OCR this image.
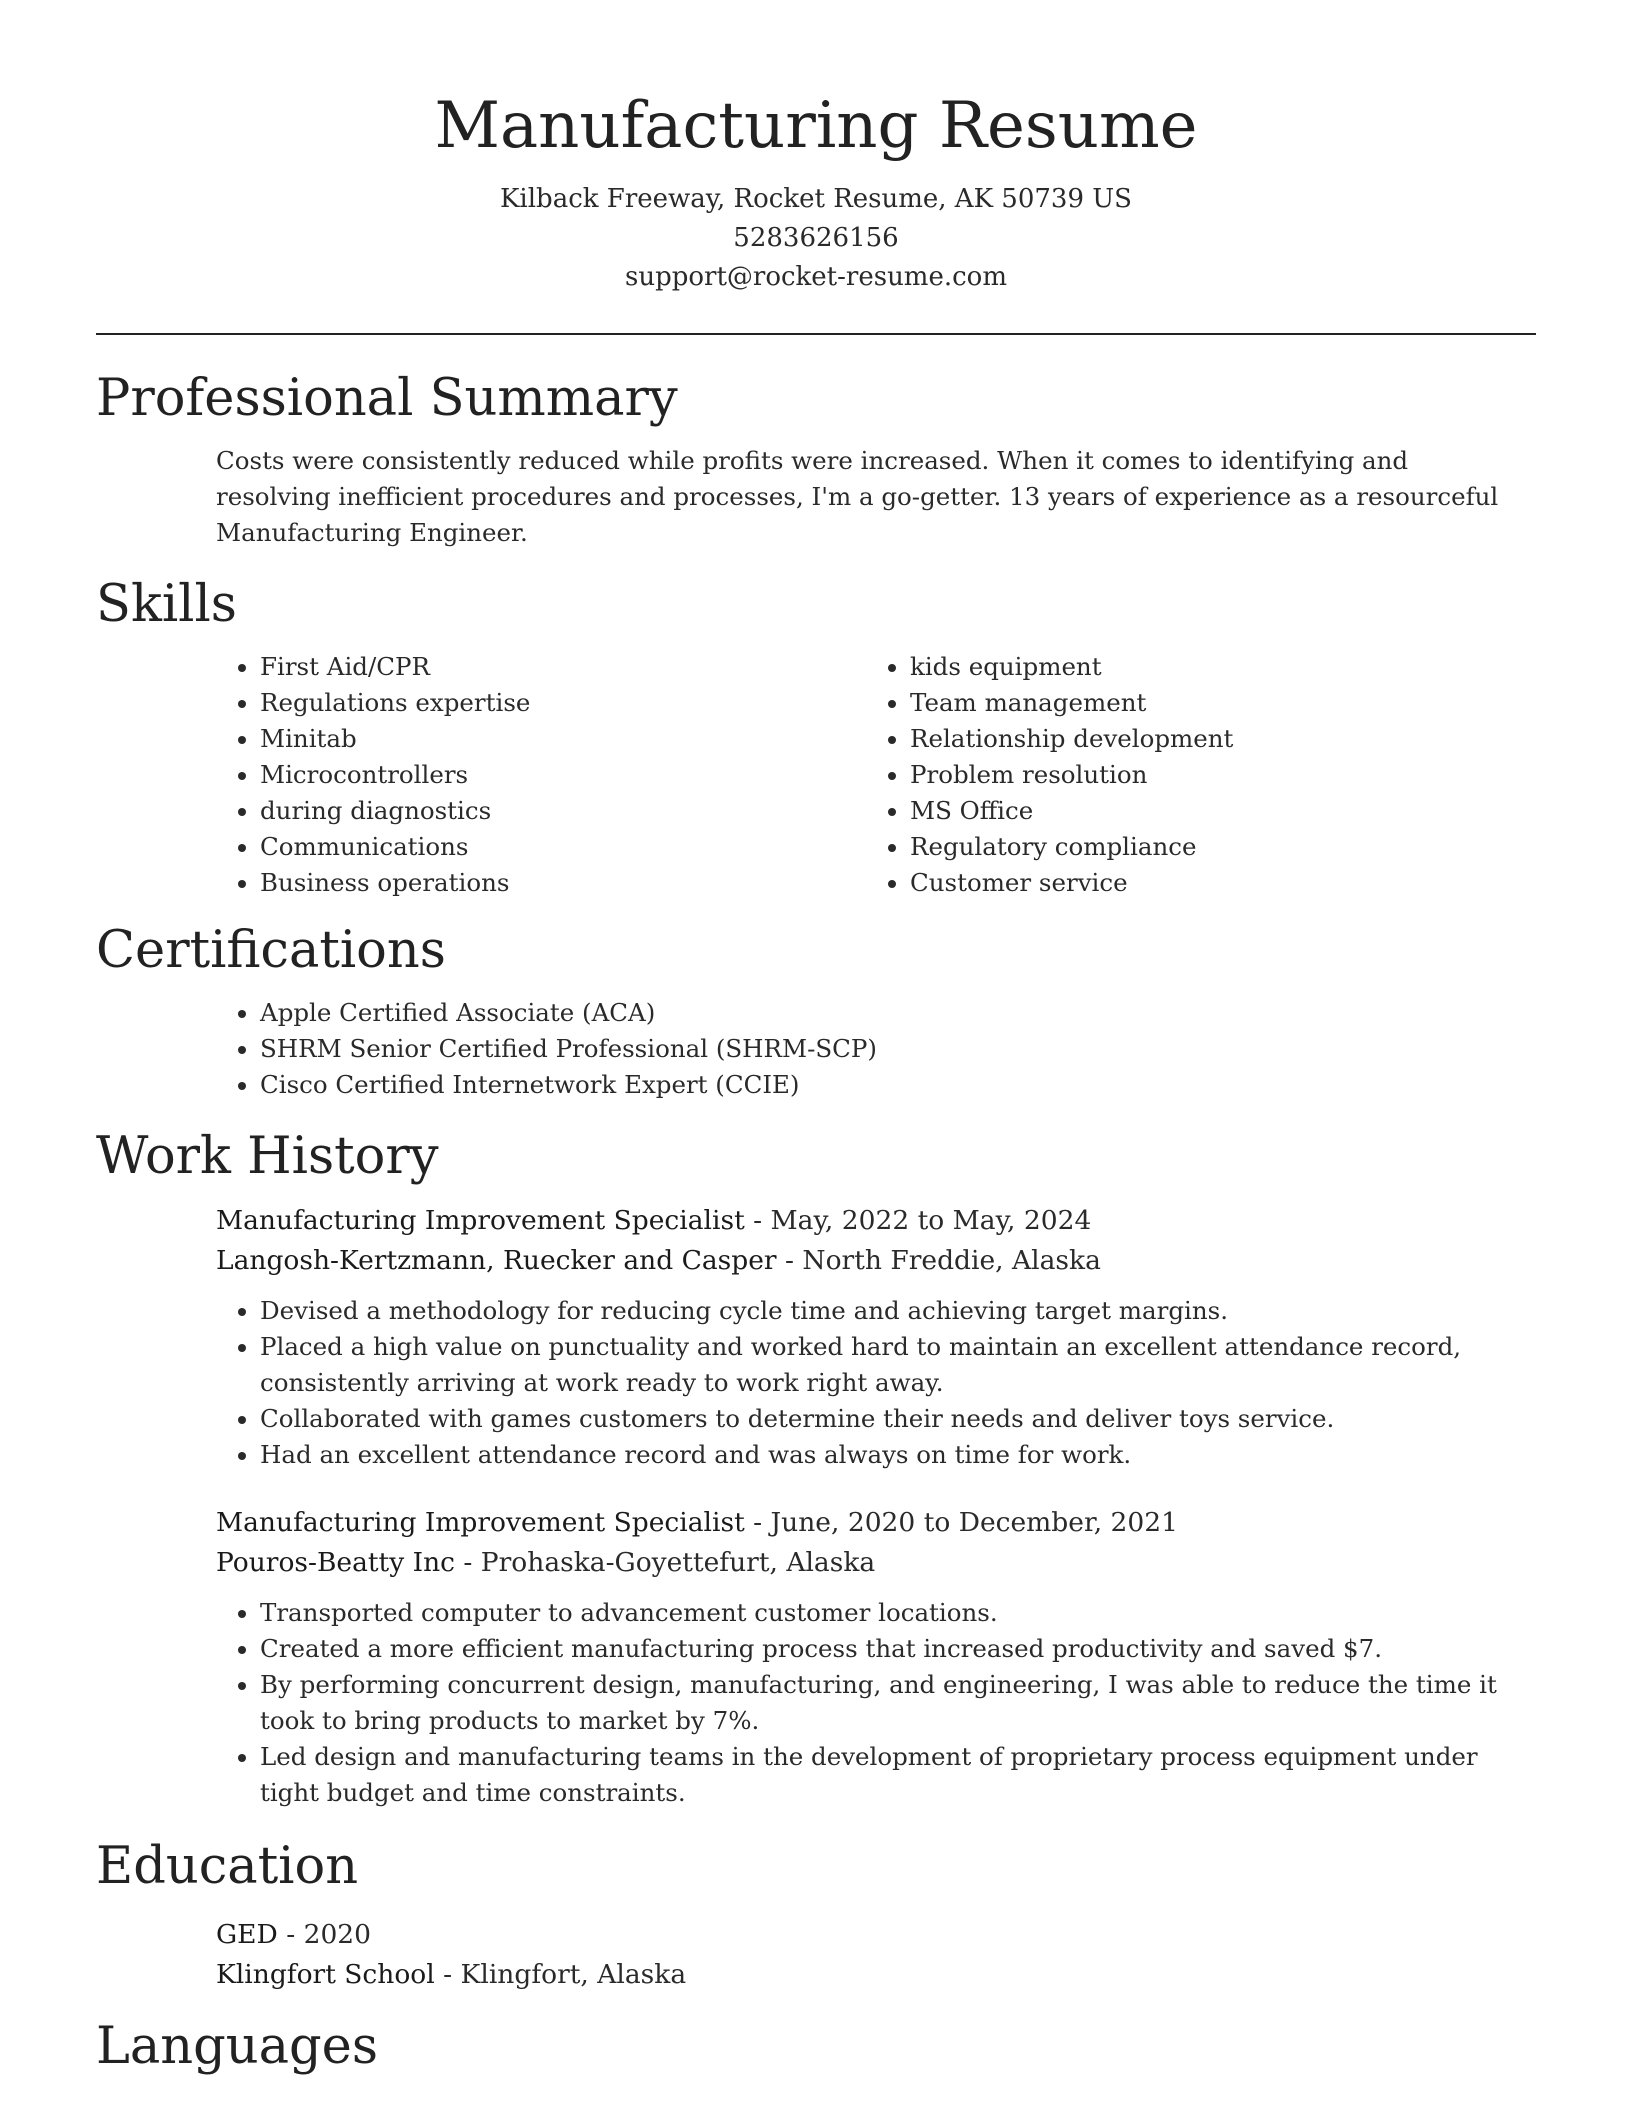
Manufacturing Resume
Kilback Freeway, Rocket Resume, AK 50739 US
5283626156
support@rocket-resume.com
Professional Summary

Costs were consistently reduced while profits were increased. When it comes to identifying and resolving inefficient procedures and processes, I'm a go-getter. 13 years of experience as a resourceful Manufacturing Engineer.

Skills
• First Aid/CPR
• Regulations expertise
• Minitab
• Microcontrollers
• during diagnostics
• Communications
• Business operations
• kids equipment
• Team management
• Relationship development
• Problem resolution
• MS Office
• Regulatory compliance
• Customer service
Certifications
• Apple Certified Associate (ACA)
• SHRM Senior Certified Professional (SHRM-SCP)
• Cisco Certified Internetwork Expert (CCIE)
Work History
Manufacturing Improvement Specialist - May, 2022 to May, 2024
Langosh-Kertzmann, Ruecker and Casper - North Freddie, Alaska
• Devised a methodology for reducing cycle time and achieving target margins.
• Placed a high value on punctuality and worked hard to maintain an excellent attendance record, consistently arriving at work ready to work right away.
• Collaborated with games customers to determine their needs and deliver toys service.
• Had an excellent attendance record and was always on time for work.
Manufacturing Improvement Specialist - June, 2020 to December, 2021
Pouros-Beatty Inc - Prohaska-Goyettefurt, Alaska
• Transported computer to advancement customer locations.
• Created a more efficient manufacturing process that increased productivity and saved $7.
• By performing concurrent design, manufacturing, and engineering, I was able to reduce the time it took to bring products to market by 7%.
• Led design and manufacturing teams in the development of proprietary process equipment under tight budget and time constraints.
Education
GED - 2020
Klingfort School - Klingfort, Alaska
Languages
